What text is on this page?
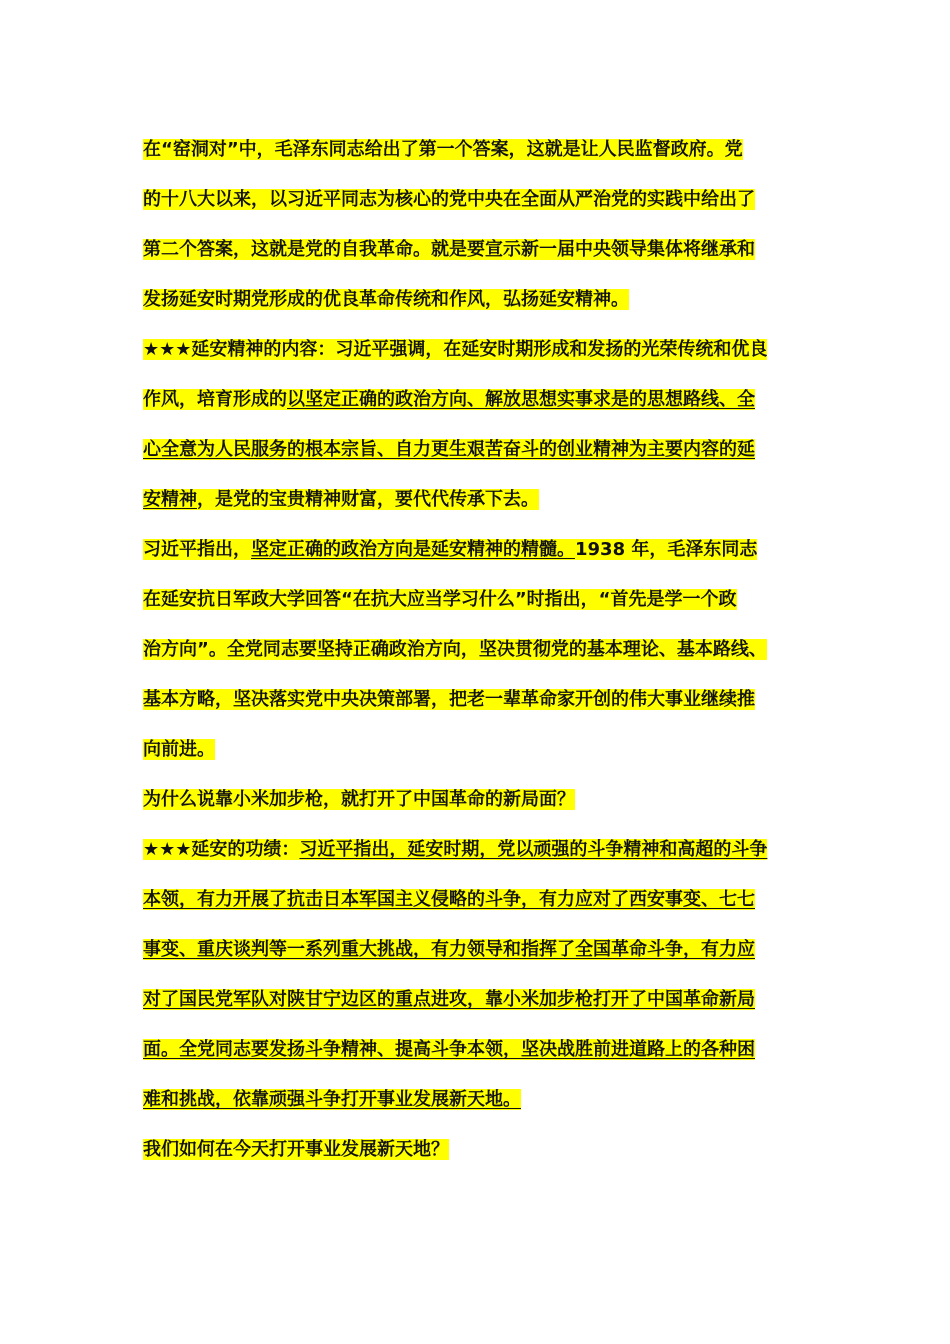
在“窑洞对”中，毛泽东同志给出了第一个答案，这就是让人民监督政府。党
的十八大以来，以习近平同志为核心的党中央在全面从严治党的实践中给出了
第二个答案，这就是党的自我革命。就是要宣示新一届中央领导集体将继承和
发扬延安时期党形成的优良革命传统和作风，弘扬延安精神。
★★★延安精神的内容：习近平强调，在延安时期形成和发扬的光荣传统和优良
作风，培育形成的以坚定正确的政治方向、解放思想实事求是的思想路线、全
心全意为人民服务的根本宗旨、自力更生艰苦奋斗的创业精神为主要内容的延
安精神，是党的宝贵精神财富，要代代传承下去。
习近平指出，坚定正确的政治方向是延安精神的精髓。1938 年，毛泽东同志
在延安抗日军政大学回答“在抗大应当学习什么”时指出，“首先是学一个政
治方向”。全党同志要坚持正确政治方向，坚决贯彻党的基本理论、基本路线、
基本方略，坚决落实党中央决策部署，把老一辈革命家开创的伟大事业继续推
向前进。
为什么说靠小米加步枪，就打开了中国革命的新局面？
★★★延安的功绩：习近平指出，延安时期，党以顽强的斗争精神和高超的斗争
本领，有力开展了抗击日本军国主义侵略的斗争，有力应对了西安事变、七七
事变、重庆谈判等一系列重大挑战，有力领导和指挥了全国革命斗争，有力应
对了国民党军队对陕甘宁边区的重点进攻，靠小米加步枪打开了中国革命新局
面。全党同志要发扬斗争精神、提高斗争本领，坚决战胜前进道路上的各种困
难和挑战，依靠顽强斗争打开事业发展新天地。
我们如何在今天打开事业发展新天地？
